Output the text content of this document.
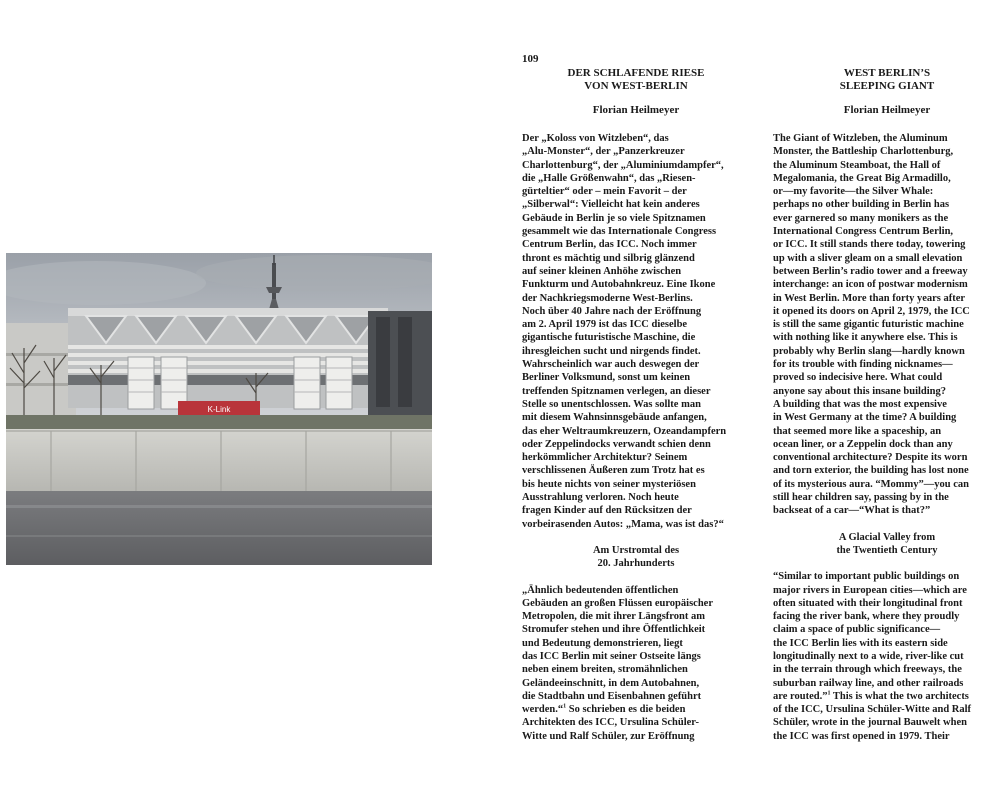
K-Link
109
DER SCHLAFENDE RIESE
VON WEST-BERLIN
Florian Heilmeyer
Der „Koloss von Witzleben“, das
„Alu-Monster“, der „Panzerkreuzer
Charlottenburg“, der „Aluminiumdampfer“,
die „Halle Größenwahn“, das „Riesen-
gürteltier“ oder – mein Favorit – der
„Silberwal“: Vielleicht hat kein anderes
Gebäude in Berlin je so viele Spitznamen
gesammelt wie das Internationale Congress
Centrum Berlin, das ICC. Noch immer
thront es mächtig und silbrig glänzend
auf seiner kleinen Anhöhe zwischen
Funkturm und Autobahnkreuz. Eine Ikone
der Nachkriegsmoderne West-Berlins.
Noch über 40 Jahre nach der Eröffnung
am 2. April 1979 ist das ICC dieselbe
gigantische futuristische Maschine, die
ihresgleichen sucht und nirgends findet.
Wahrscheinlich war auch deswegen der
Berliner Volksmund, sonst um keinen
treffenden Spitznamen verlegen, an dieser
Stelle so unentschlossen. Was sollte man
mit diesem Wahnsinnsgebäude anfangen,
das eher Weltraumkreuzern, Ozeandampfern
oder Zeppelindocks verwandt schien denn
herkömmlicher Architektur? Seinem
verschlissenen Äußeren zum Trotz hat es
bis heute nichts von seiner mysteriösen
Ausstrahlung verloren. Noch heute
fragen Kinder auf den Rücksitzen der
vorbeirasenden Autos: „Mama, was ist das?“
Am Urstromtal des
20. Jahrhunderts
„Ähnlich bedeutenden öffentlichen
Gebäuden an großen Flüssen europäischer
Metropolen, die mit ihrer Längsfront am
Stromufer stehen und ihre Öffentlichkeit
und Bedeutung demonstrieren, liegt
das ICC Berlin mit seiner Ostseite längs
neben einem breiten, stromähnlichen
Geländeeinschnitt, in dem Autobahnen,
die Stadtbahn und Eisenbahnen geführt
werden.“$^1$ So schrieben es die beiden
Architekten des ICC, Ursulina Schüler-
Witte und Ralf Schüler, zur Eröffnung
WEST BERLIN’S
SLEEPING GIANT
Florian Heilmeyer
The Giant of Witzleben, the Aluminum
Monster, the Battleship Charlottenburg,
the Aluminum Steamboat, the Hall of
Megalomania, the Great Big Armadillo,
or—my favorite—the Silver Whale:
perhaps no other building in Berlin has
ever garnered so many monikers as the
International Congress Centrum Berlin,
or ICC. It still stands there today, towering
up with a sliver gleam on a small elevation
between Berlin’s radio tower and a freeway
interchange: an icon of postwar modernism
in West Berlin. More than forty years after
it opened its doors on April 2, 1979, the ICC
is still the same gigantic futuristic machine
with nothing like it anywhere else. This is
probably why Berlin slang—hardly known
for its trouble with finding nicknames—
proved so indecisive here. What could
anyone say about this insane building?
A building that was the most expensive
in West Germany at the time? A building
that seemed more like a spaceship, an
ocean liner, or a Zeppelin dock than any
conventional architecture? Despite its worn
and torn exterior, the building has lost none
of its mysterious aura. “Mommy”—you can
still hear children say, passing by in the
backseat of a car—“What is that?”
A Glacial Valley from
the Twentieth Century
“Similar to important public buildings on
major rivers in European cities—which are
often situated with their longitudinal front
facing the river bank, where they proudly
claim a space of public significance—
the ICC Berlin lies with its eastern side
longitudinally next to a wide, river-like cut
in the terrain through which freeways, the
suburban railway line, and other railroads
are routed.”$^1$ This is what the two architects
of the ICC, Ursulina Schüler-Witte and Ralf
Schüler, wrote in the journal Bauwelt when
the ICC was first opened in 1979. Their
